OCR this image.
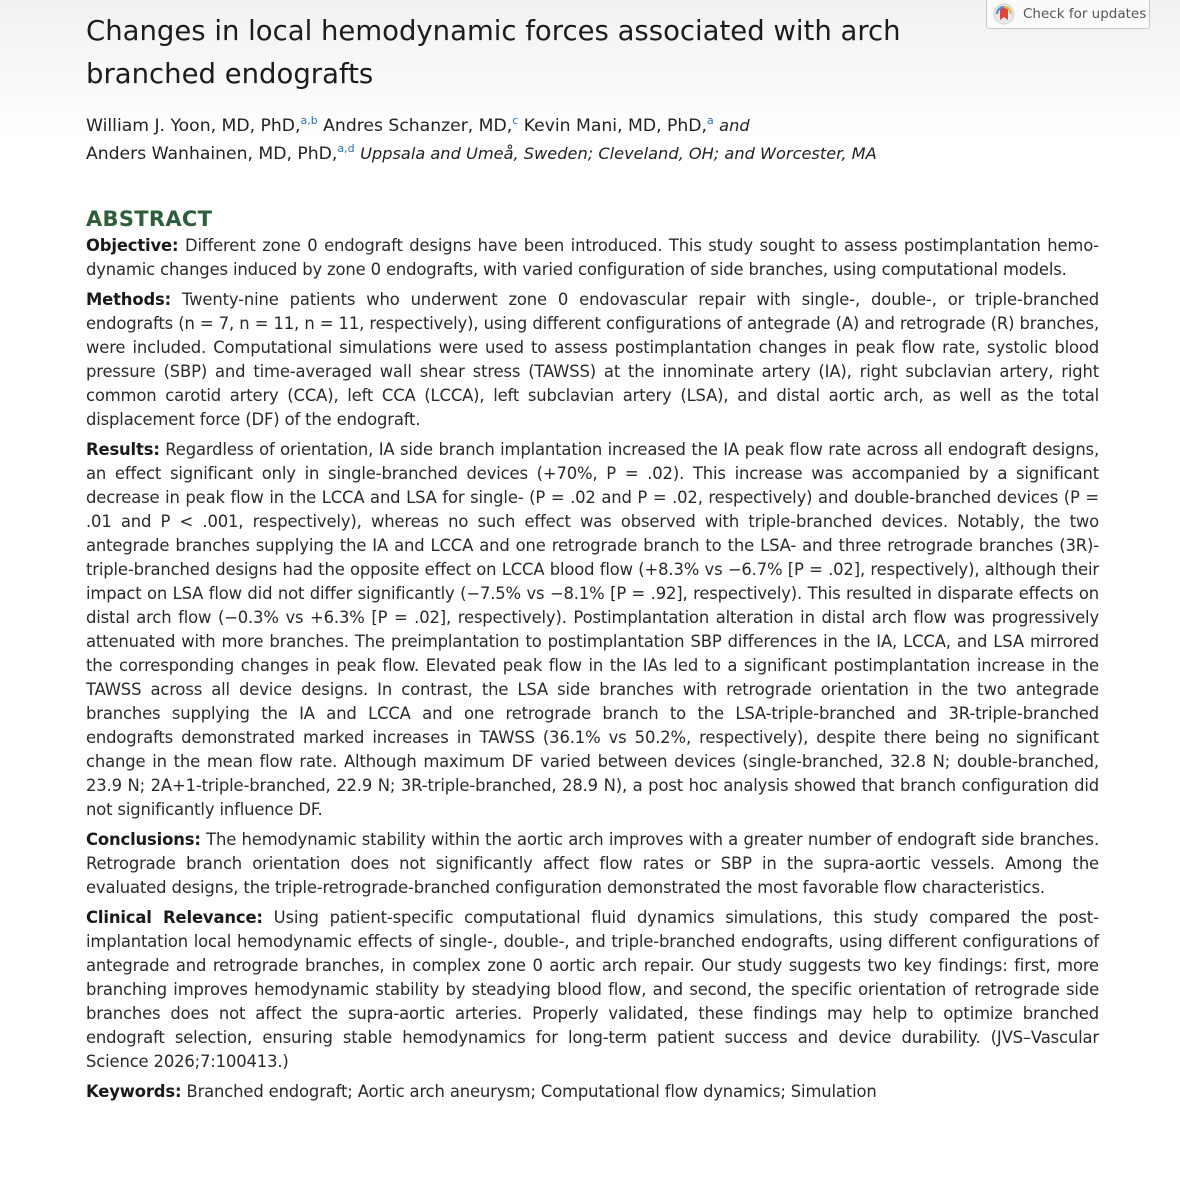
Check for updates
Changes in local hemodynamic forces associated with arch
branched endografts
William J. Yoon, MD, PhD,$^{a,b}$ Andres Schanzer, MD,$^c$ Kevin Mani, MD, PhD,$^a$ and
Anders Wanhainen, MD, PhD,$^{a,d}$ Uppsala and Umeå, Sweden; Cleveland, OH; and Worcester, MA
ABSTRACT

Objective: Different zone 0 endograft designs have been introduced. This study sought to assess postimplantation hemodynamic changes induced by zone 0 endografts, with varied configuration of side branches, using computational models.

Methods: Twenty-nine patients who underwent zone 0 endovascular repair with single-, double-, or triple-branched endografts (n = 7, n = 11, n = 11, respectively), using different configurations of antegrade (A) and retrograde (R) branches, were included. Computational simulations were used to assess postimplantation changes in peak flow rate, systolic blood pressure (SBP) and time-averaged wall shear stress (TAWSS) at the innominate artery (IA), right subclavian artery, right common carotid artery (CCA), left CCA (LCCA), left subclavian artery (LSA), and distal aortic arch, as well as the total displacement force (DF) of the endograft.

Results: Regardless of orientation, IA side branch implantation increased the IA peak flow rate across all endograft designs, an effect significant only in single-branched devices (+70%, P = .02). This increase was accompanied by a significant decrease in peak flow in the LCCA and LSA for single- (P = .02 and P = .02, respectively) and double-branched devices (P = .01 and P < .001, respectively), whereas no such effect was observed with triple-branched devices. Notably, the two antegrade branches supplying the IA and LCCA and one retrograde branch to the LSA- and three retrograde branches (3R)-triple-branched designs had the opposite effect on LCCA blood flow (+8.3% vs −6.7% [P = .02], respectively), although their impact on LSA flow did not differ significantly (−7.5% vs −8.1% [P = .92], respectively). This resulted in disparate effects on distal arch flow (−0.3% vs +6.3% [P = .02], respectively). Postimplantation alteration in distal arch flow was progressively attenuated with more branches. The preimplantation to postimplantation SBP differences in the IA, LCCA, and LSA mirrored the corresponding changes in peak flow. Elevated peak flow in the IAs led to a significant postimplantation increase in the TAWSS across all device designs. In contrast, the LSA side branches with retrograde orientation in the two antegrade branches supplying the IA and LCCA and one retrograde branch to the LSA-triple-branched and 3R-triple-branched endografts demonstrated marked increases in TAWSS (36.1% vs 50.2%, respectively), despite there being no significant change in the mean flow rate. Although maximum DF varied between devices (single-branched, 32.8 N; double-branched, 23.9 N; 2A+1-triple-branched, 22.9 N; 3R-triple-branched, 28.9 N), a post hoc analysis showed that branch configuration did not significantly influence DF.

Conclusions: The hemodynamic stability within the aortic arch improves with a greater number of endograft side branches. Retrograde branch orientation does not significantly affect flow rates or SBP in the supra-aortic vessels. Among the evaluated designs, the triple-retrograde-branched configuration demonstrated the most favorable flow characteristics.

Clinical Relevance: Using patient-specific computational fluid dynamics simulations, this study compared the postimplantation local hemodynamic effects of single-, double-, and triple-branched endografts, using different configurations of antegrade and retrograde branches, in complex zone 0 aortic arch repair. Our study suggests two key findings: first, more branching improves hemodynamic stability by steadying blood flow, and second, the specific orientation of retrograde side branches does not affect the supra-aortic arteries. Properly validated, these findings may help to optimize branched endograft selection, ensuring stable hemodynamics for long-term patient success and device durability. (JVS–Vascular Science 2026;7:100413.)

Keywords: Branched endograft; Aortic arch aneurysm; Computational flow dynamics; Simulation
